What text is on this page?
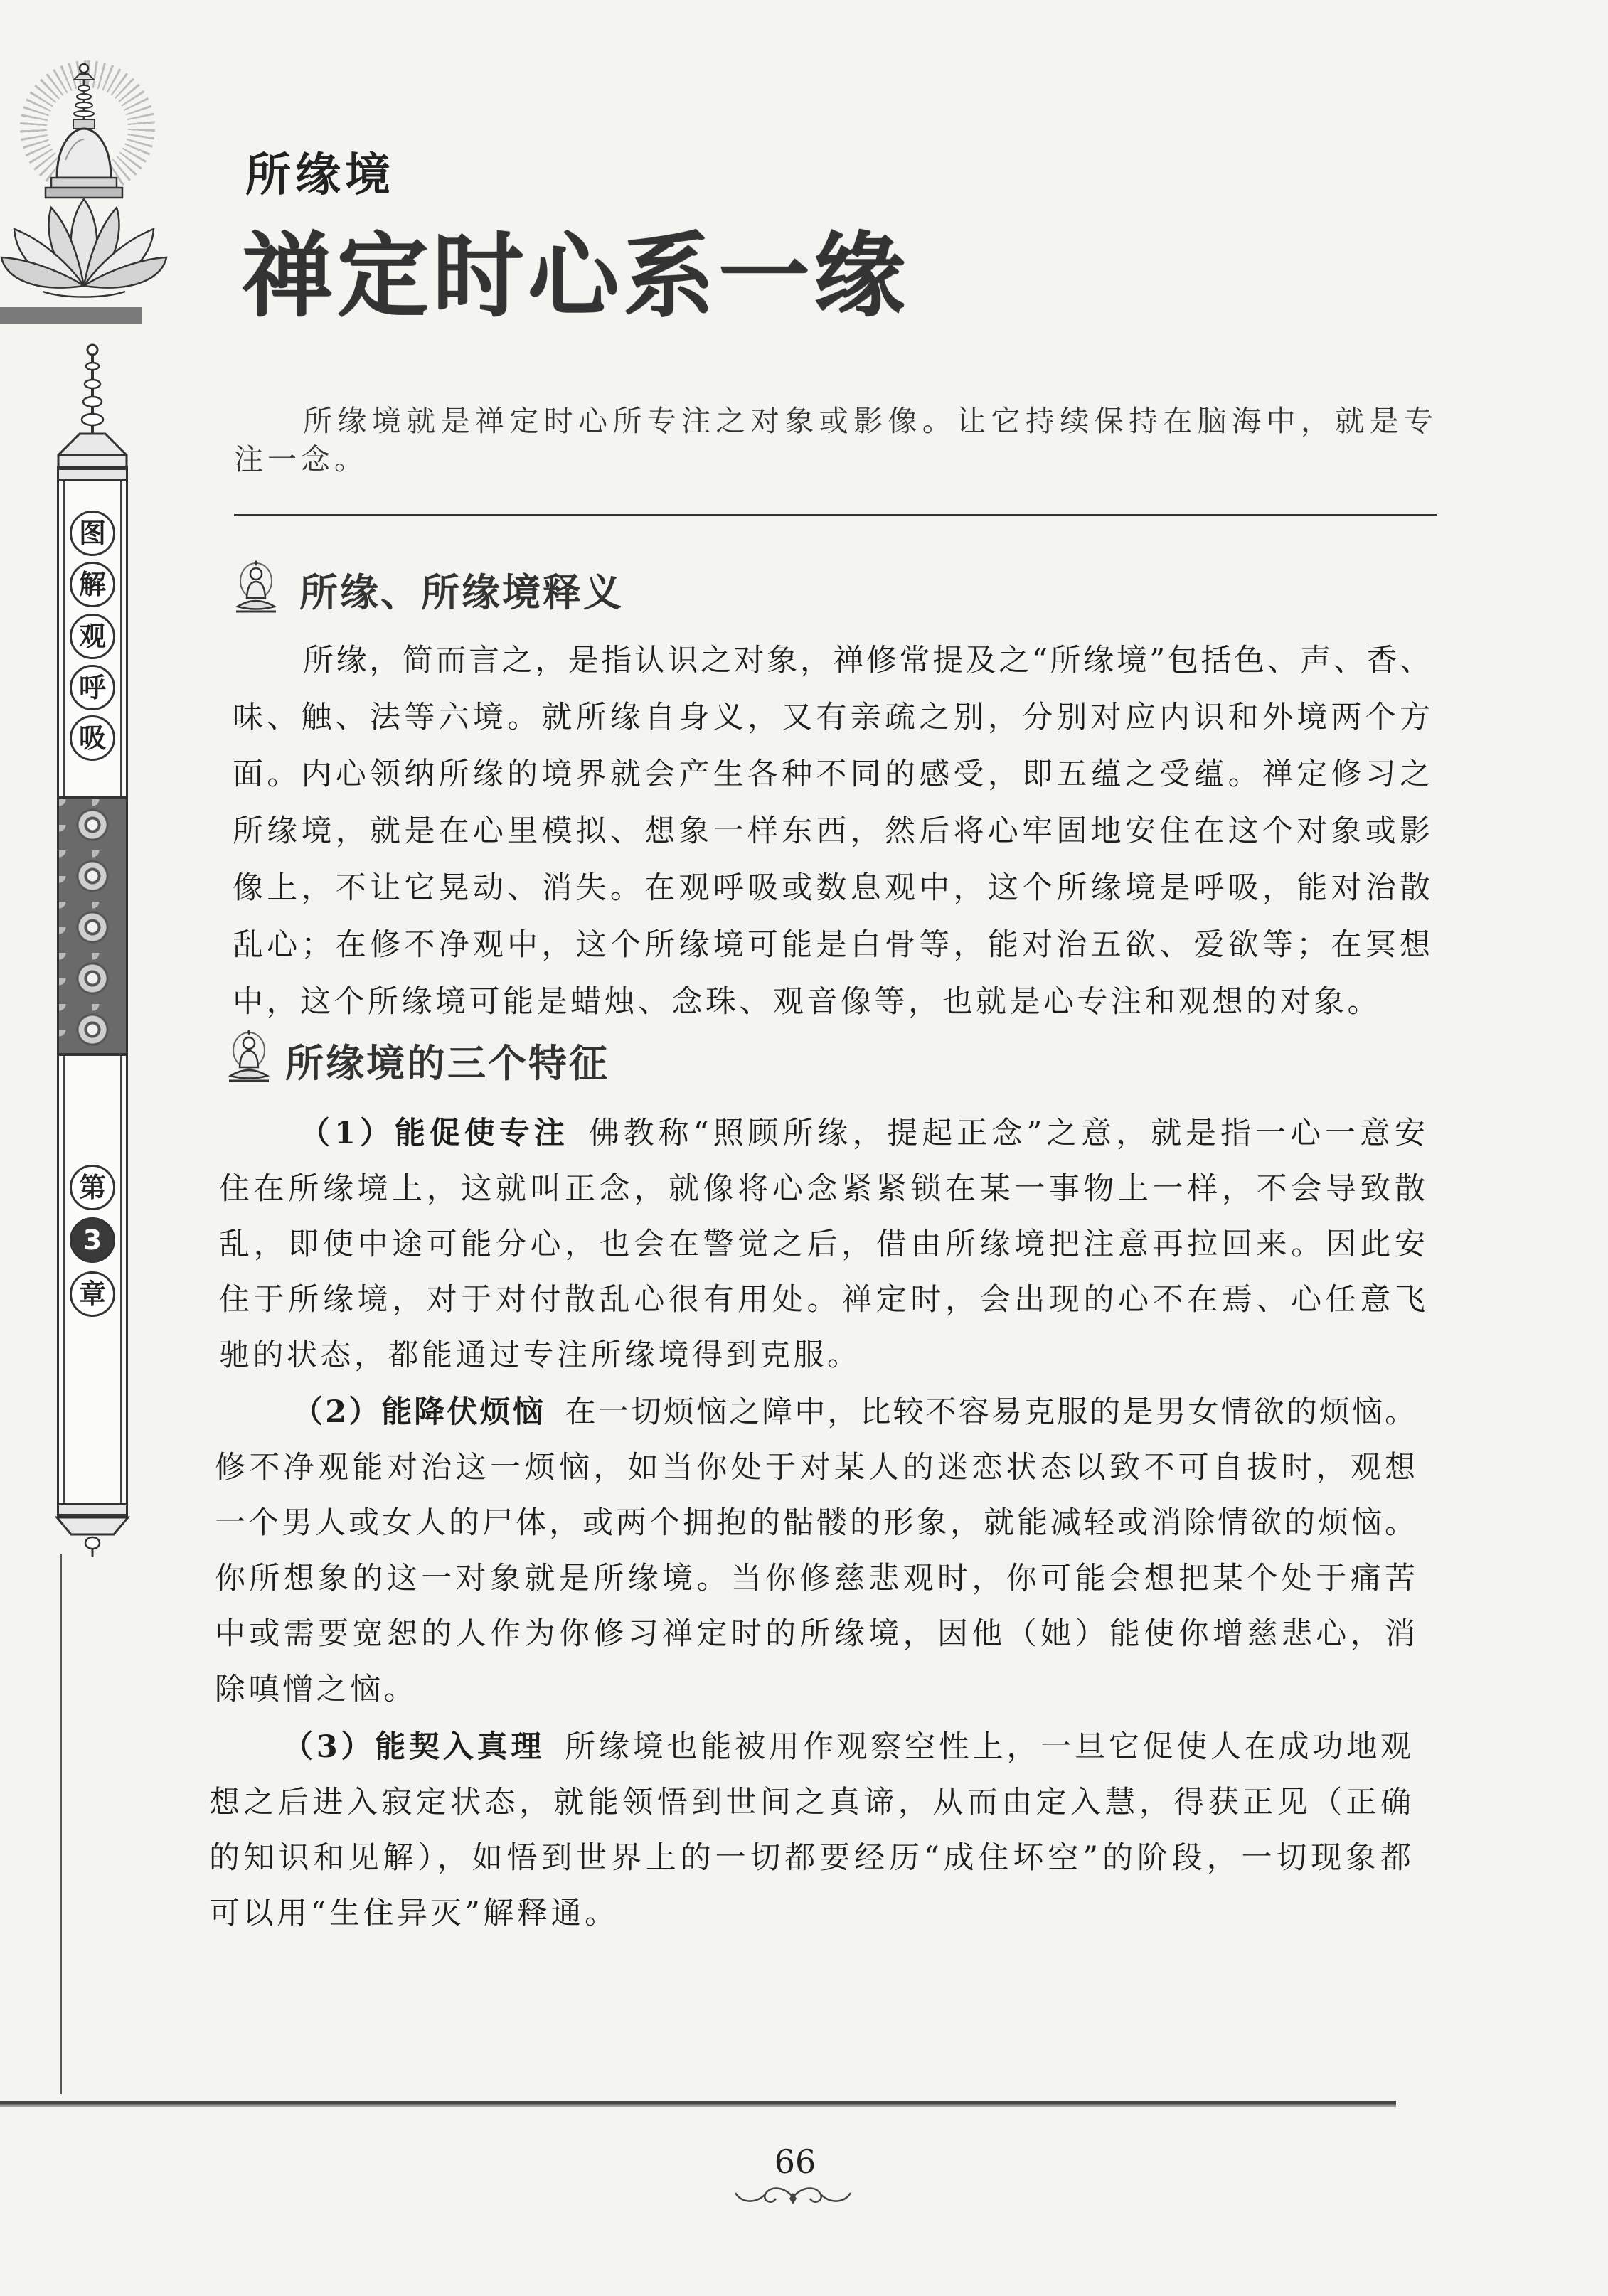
图
解
观
呼
吸
第
3
章
所缘境
禅定时心系一缘
所缘境就是禅定时心所专注之对象或影像。让它持续保持在脑海中，就是专
注一念。
所缘、所缘境释义
所缘，简而言之，是指认识之对象，禅修常提及之“所缘境”包括色、声、香、
味、触、法等六境。就所缘自身义，又有亲疏之别，分别对应内识和外境两个方
面。内心领纳所缘的境界就会产生各种不同的感受，即五蕴之受蕴。禅定修习之
所缘境，就是在心里模拟、想象一样东西，然后将心牢固地安住在这个对象或影
像上，不让它晃动、消失。在观呼吸或数息观中，这个所缘境是呼吸，能对治散
乱心；在修不净观中，这个所缘境可能是白骨等，能对治五欲、爱欲等；在冥想
中，这个所缘境可能是蜡烛、念珠、观音像等，也就是心专注和观想的对象。
所缘境的三个特征
（1）能促使专注 佛教称“照顾所缘，提起正念”之意，就是指一心一意安
住在所缘境上，这就叫正念，就像将心念紧紧锁在某一事物上一样，不会导致散
乱，即使中途可能分心，也会在警觉之后，借由所缘境把注意再拉回来。因此安
住于所缘境，对于对付散乱心很有用处。禅定时，会出现的心不在焉、心任意飞
驰的状态，都能通过专注所缘境得到克服。
（2）能降伏烦恼 在一切烦恼之障中，比较不容易克服的是男女情欲的烦恼。
修不净观能对治这一烦恼，如当你处于对某人的迷恋状态以致不可自拔时，观想
一个男人或女人的尸体，或两个拥抱的骷髅的形象，就能减轻或消除情欲的烦恼。
你所想象的这一对象就是所缘境。当你修慈悲观时，你可能会想把某个处于痛苦
中或需要宽恕的人作为你修习禅定时的所缘境，因他（她）能使你增慈悲心，消
除嗔憎之恼。
（3）能契入真理 所缘境也能被用作观察空性上，一旦它促使人在成功地观
想之后进入寂定状态，就能领悟到世间之真谛，从而由定入慧，得获正见（正确
的知识和见解），如悟到世界上的一切都要经历“成住坏空”的阶段，一切现象都
可以用“生住异灭”解释通。
66
